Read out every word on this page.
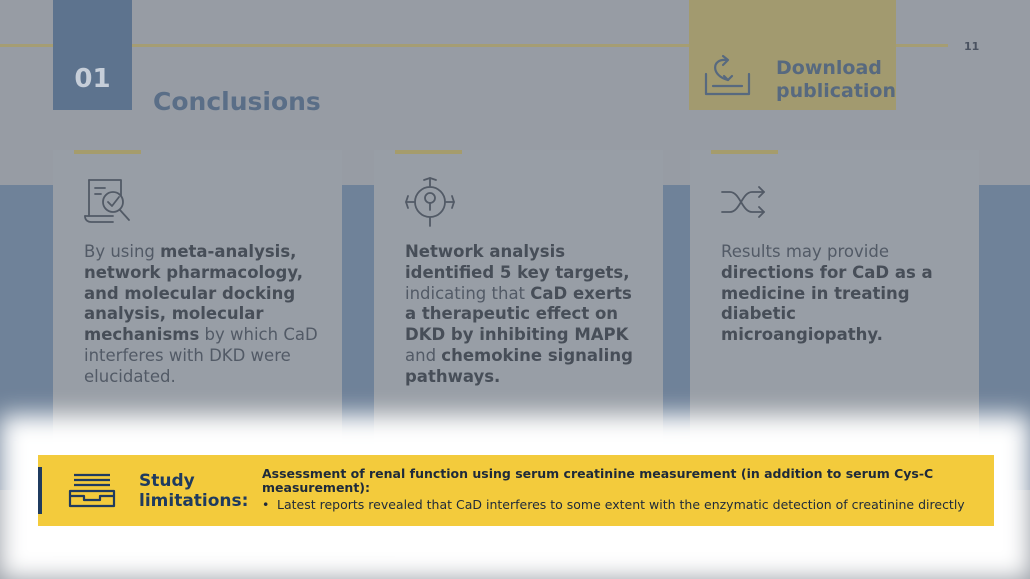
11
01
Conclusions
Download
publication
By using meta-analysis, network pharmacology, and molecular docking analysis, molecular mechanisms by which CaD interferes with DKD were elucidated.
Network analysis identified 5 key targets, indicating that CaD exerts a therapeutic effect on DKD by inhibiting MAPK and chemokine signaling pathways.
Results may provide directions for CaD as a medicine in treating diabetic microangiopathy.
Study
limitations:
Assessment of renal function using serum creatinine measurement (in addition to serum Cys-C measurement):
• Latest reports revealed that CaD interferes to some extent with the enzymatic detection of creatinine directly
